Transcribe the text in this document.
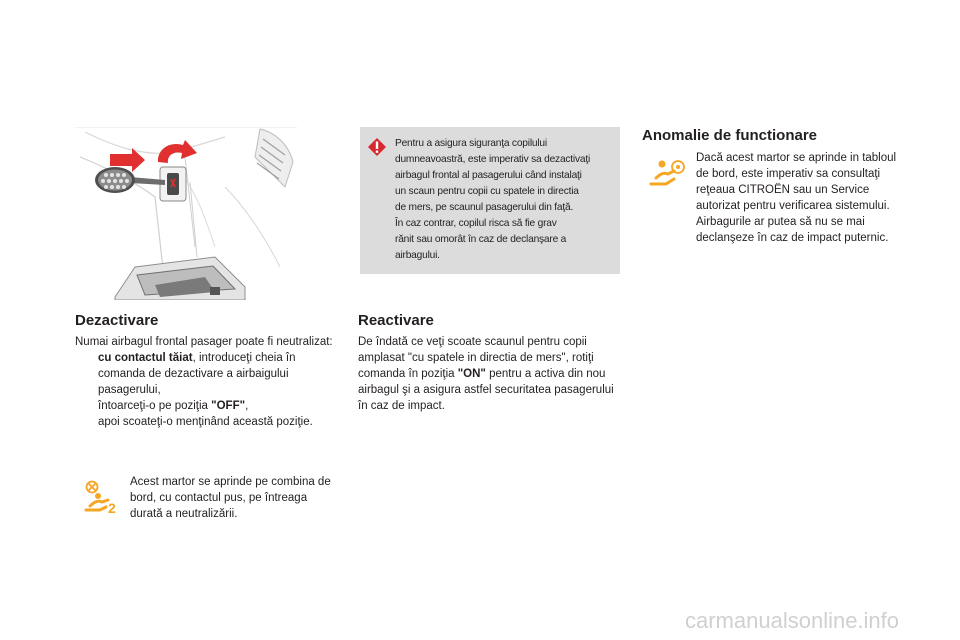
Dezactivare

Numai airbagul frontal pasager poate fi neutralizat:

cu contactul tăiat, introduceţi cheia în comanda de dezactivare a airbaigului pasagerului,
întoarceţi-o pe poziţia "OFF",
apoi scoateţi-o menţinând această poziţie.
2
Acest martor se aprinde pe combina de bord, cu contactul pus, pe întreaga durată a neutralizării.
Pentru a asigura siguranţa copilului
dumneavoastră, este imperativ sa dezactivaţi
airbagul frontal al pasagerului când instalaţi
un scaun pentru copii cu spatele in directia
de mers, pe scaunul pasagerului din faţă.
În caz contrar, copilul risca să fie grav
rănit sau omorât în caz de declanşare a
airbagului.
Reactivare
De îndată ce veţi scoate scaunul pentru copii amplasat "cu spatele in directia de mers", rotiţi comanda în poziţia "ON" pentru a activa din nou airbagul şi a asigura astfel securitatea pasagerului în caz de impact.
Anomalie de functionare
Dacă acest martor se aprinde in tabloul de bord, este imperativ sa consultaţi reţeaua CITROËN sau un Service autorizat pentru verificarea sistemului. Airbagurile ar putea să nu se mai declanşeze în caz de impact puternic.
carmanualsonline.info
